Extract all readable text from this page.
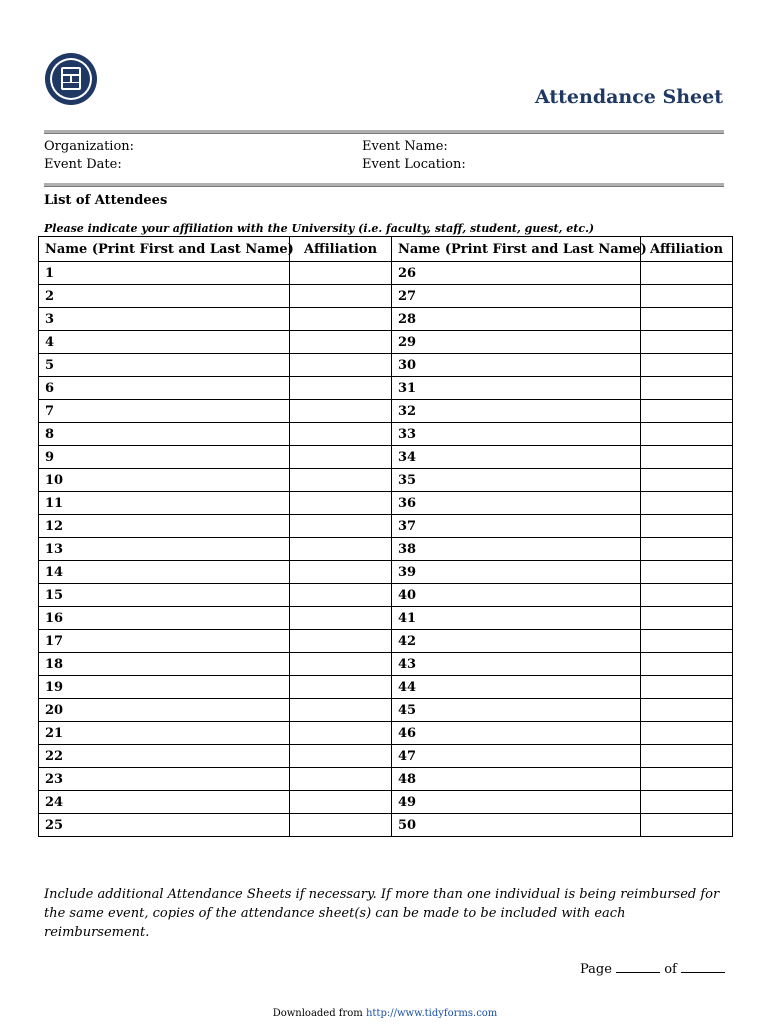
Attendance Sheet
Organization:
Event Date:
Event Name:
Event Location:
List of Attendees
Please indicate your affiliation with the University (i.e. faculty, staff, student, guest, etc.)
Name (Print First and Last Name)	Affiliation	Name (Print First and Last Name)	Affiliation
1		26	
2		27	
3		28	
4		29	
5		30	
6		31	
7		32	
8		33	
9		34	
10		35	
11		36	
12		37	
13		38	
14		39	
15		40	
16		41	
17		42	
18		43	
19		44	
20		45	
21		46	
22		47	
23		48	
24		49	
25		50	
Include additional Attendance Sheets if necessary. If more than one individual is being reimbursed for the same event, copies of the attendance sheet(s) can be made to be included with each reimbursement.
Page	of
Downloaded from http://www.tidyforms.com
